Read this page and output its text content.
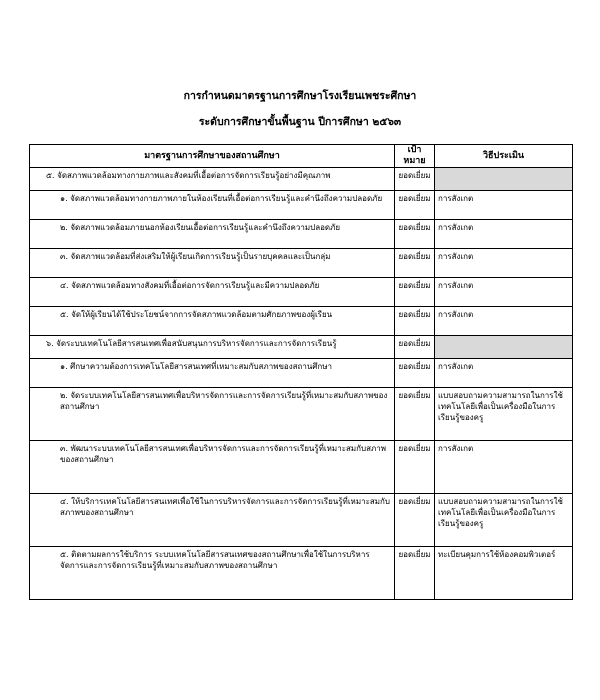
การกำหนดมาตรฐานการศึกษาโรงเรียนเพชระศึกษา
ระดับการศึกษาขั้นพื้นฐาน ปีการศึกษา ๒๕๖๓
มาตรฐานการศึกษาของสถานศึกษา	เป้าหมาย	วิธีประเมิน
๕. จัดสภาพแวดล้อมทางกายภาพและสังคมที่เอื้อต่อการจัดการเรียนรู้อย่างมีคุณภาพ	ยอดเยี่ยม	
๑. จัดสภาพแวดล้อมทางกายภาพภายในห้องเรียนที่เอื้อต่อการเรียนรู้และคำนึงถึงความปลอดภัย	ยอดเยี่ยม	การสังเกต
๒. จัดสภาพแวดล้อมภายนอกห้องเรียนเอื้อต่อการเรียนรู้และคำนึงถึงความปลอดภัย	ยอดเยี่ยม	การสังเกต
๓. จัดสภาพแวดล้อมที่ส่งเสริมให้ผู้เรียนเกิดการเรียนรู้เป็นรายบุคคลและเป็นกลุ่ม	ยอดเยี่ยม	การสังเกต
๔. จัดสภาพแวดล้อมทางสังคมที่เอื้อต่อการจัดการเรียนรู้และมีความปลอดภัย	ยอดเยี่ยม	การสังเกต
๕. จัดให้ผู้เรียนได้ใช้ประโยชน์จากการจัดสภาพแวดล้อมตามศักยภาพของผู้เรียน	ยอดเยี่ยม	การสังเกต
๖. จัดระบบเทคโนโลยีสารสนเทศเพื่อสนับสนุนการบริหารจัดการและการจัดการเรียนรู้	ยอดเยี่ยม	
๑. ศึกษาความต้องการเทคโนโลยีสารสนเทศที่เหมาะสมกับสภาพของสถานศึกษา	ยอดเยี่ยม	การสังเกต
๒. จัดระบบเทคโนโลยีสารสนเทศเพื่อบริหารจัดการและการจัดการเรียนรู้ที่เหมาะสมกับสภาพของสถานศึกษา	ยอดเยี่ยม	แบบสอบถามความสามารถในการใช้เทคโนโลยีเพื่อเป็นเครื่องมือในการเรียนรู้ของครู
๓. พัฒนาระบบเทคโนโลยีสารสนเทศเพื่อบริหารจัดการและการจัดการเรียนรู้ที่เหมาะสมกับสภาพของสถานศึกษา	ยอดเยี่ยม	การสังเกต
๔. ให้บริการเทคโนโลยีสารสนเทศเพื่อใช้ในการบริหารจัดการและการจัดการเรียนรู้ที่เหมาะสมกับสภาพของสถานศึกษา	ยอดเยี่ยม	แบบสอบถามความสามารถในการใช้เทคโนโลยีเพื่อเป็นเครื่องมือในการเรียนรู้ของครู
๕. ติดตามผลการใช้บริการ ระบบเทคโนโลยีสารสนเทศของสถานศึกษาเพื่อใช้ในการบริหารจัดการและการจัดการเรียนรู้ที่เหมาะสมกับสภาพของสถานศึกษา	ยอดเยี่ยม	ทะเบียนคุมการใช้ห้องคอมพิวเตอร์
